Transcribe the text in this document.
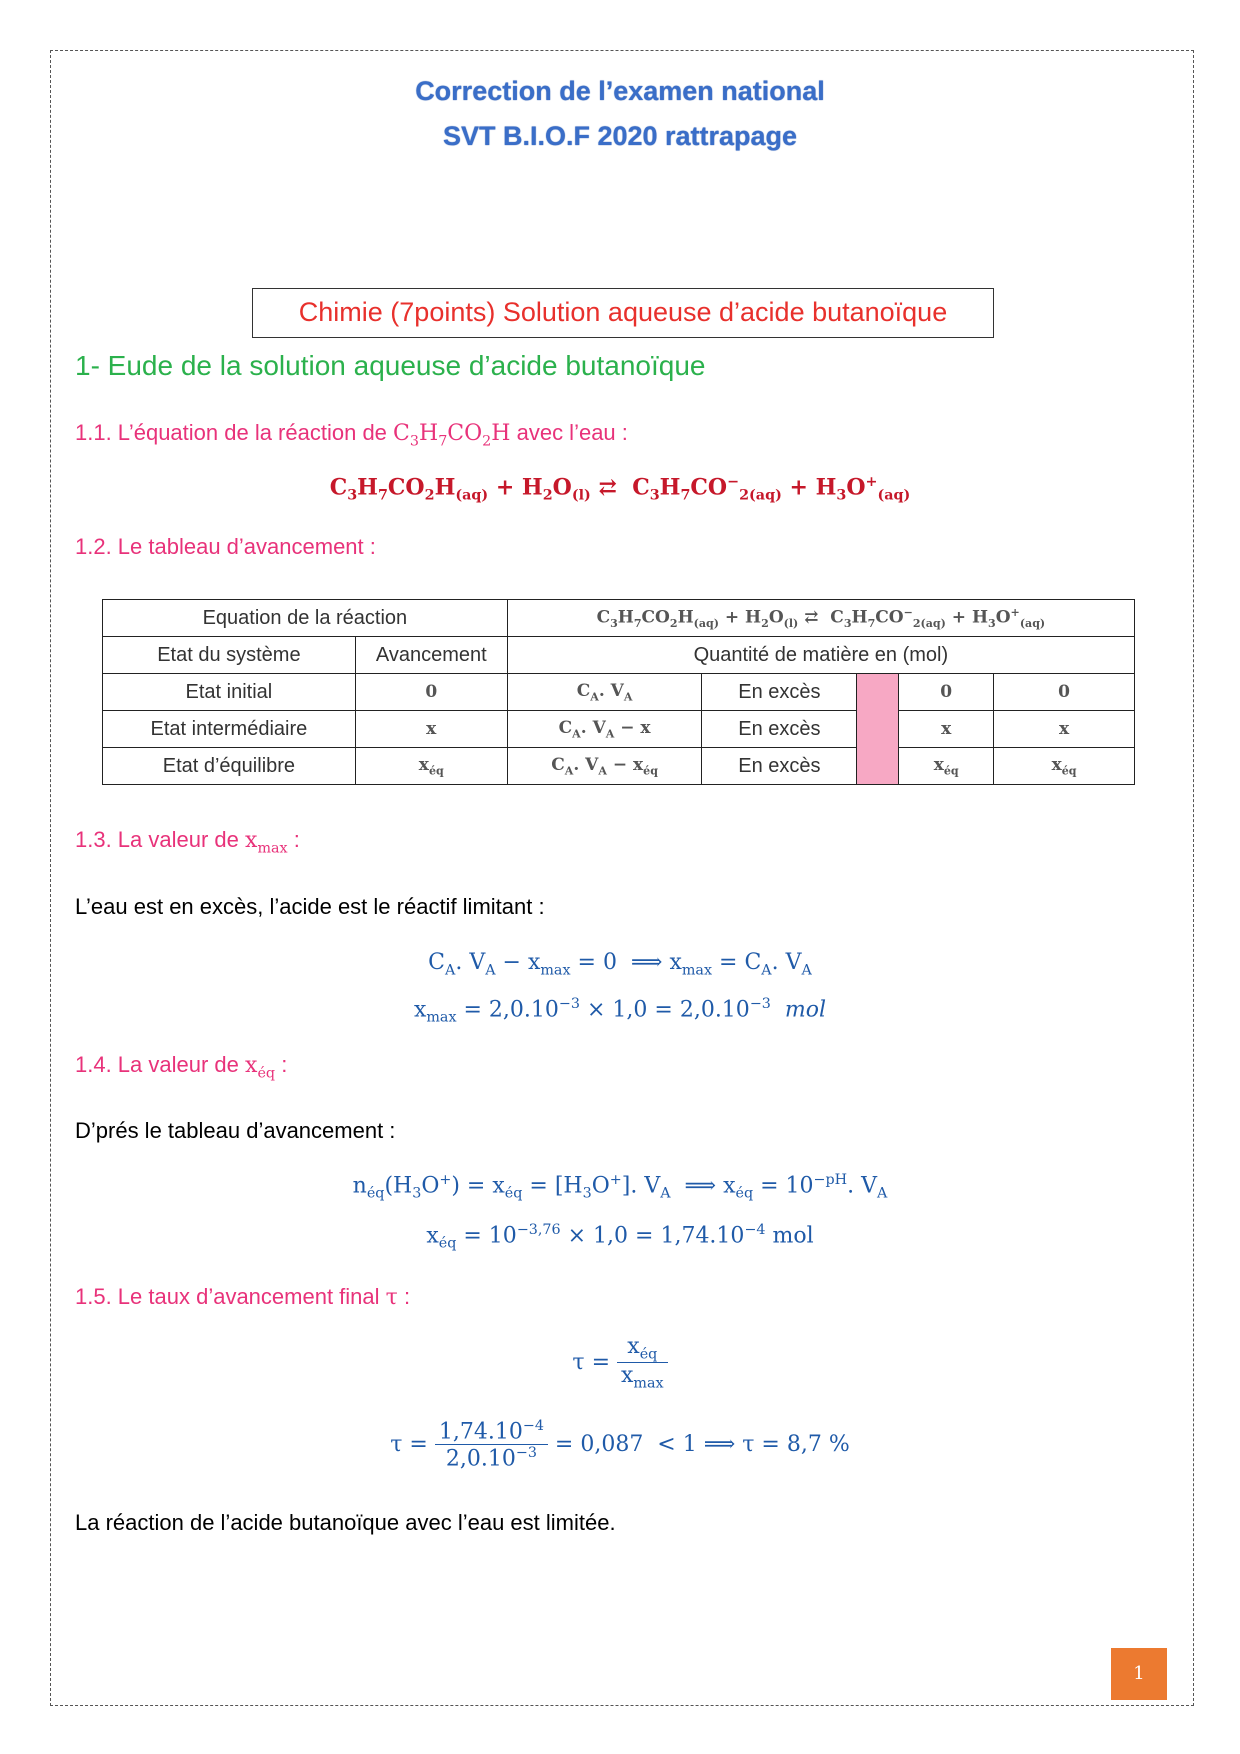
Correction de l’examen national
SVT B.I.O.F 2020 rattrapage
Chimie (7points) Solution aqueuse d’acide butanoïque
1- Eude de la solution aqueuse d’acide butanoïque
1.1. L’équation de la réaction de $C_3H_7CO_2H$ avec l’eau :
$C_3H_7CO_2H_{(aq)} + H_2O_{(l)}$ ⇄  $C_3H_7CO^-_{2(aq)} + H_3O^+_{(aq)}$
1.2. Le tableau d’avancement :
Equation de la réaction		$C_3H_7CO_2H_{(aq)} + H_2O_{(l)}$ ⇄  $C_3H_7CO^-_{2(aq)} + H_3O^+_{(aq)}$
Etat du système	Avancement	Quantité de matière en (mol)				
Etat initial	0	$C_A$. $V_A$	En excès		0	0
Etat intermédiaire	x	$C_A$. $V_A - x$	En excès		x	x
Etat d’équilibre	$x_{éq}$	$C_A$. $V_A - x_{éq}$	En excès		$x_{éq}$	$x_{éq}$
1.3. La valeur de $x_{max}$ :
L’eau est en excès, l’acide est le réactif limitant :
$C_A$. $V_A - x_{max} = 0$  ⟹ $x_{max} = C_A$. $V_A$
$x_{max} = 2,0.10^{-3} \times 1,0 = 2,0.10^{-3}$ mol
1.4. La valeur de $x_{éq}$ :
D’prés le tableau d’avancement :
$n_{éq}(H_3O^+) = x_{éq} = [H_3O^+]$. $V_A$  ⟹ $x_{éq} = 10^{-pH}$. $V_A$
$x_{éq} = 10^{-3,76} \times 1,0 = 1,74.10^{-4}$ mol
1.5. Le taux d’avancement final τ :
$\tau = \frac{x_{éq}}{x_{max}}$
$\tau = \frac{1,74.10^{-4}}{2,0.10^{-3}} = 0,087 < 1$ ⟹ τ = 8,7 %
La réaction de l’acide butanoïque avec l’eau est limitée.
1
